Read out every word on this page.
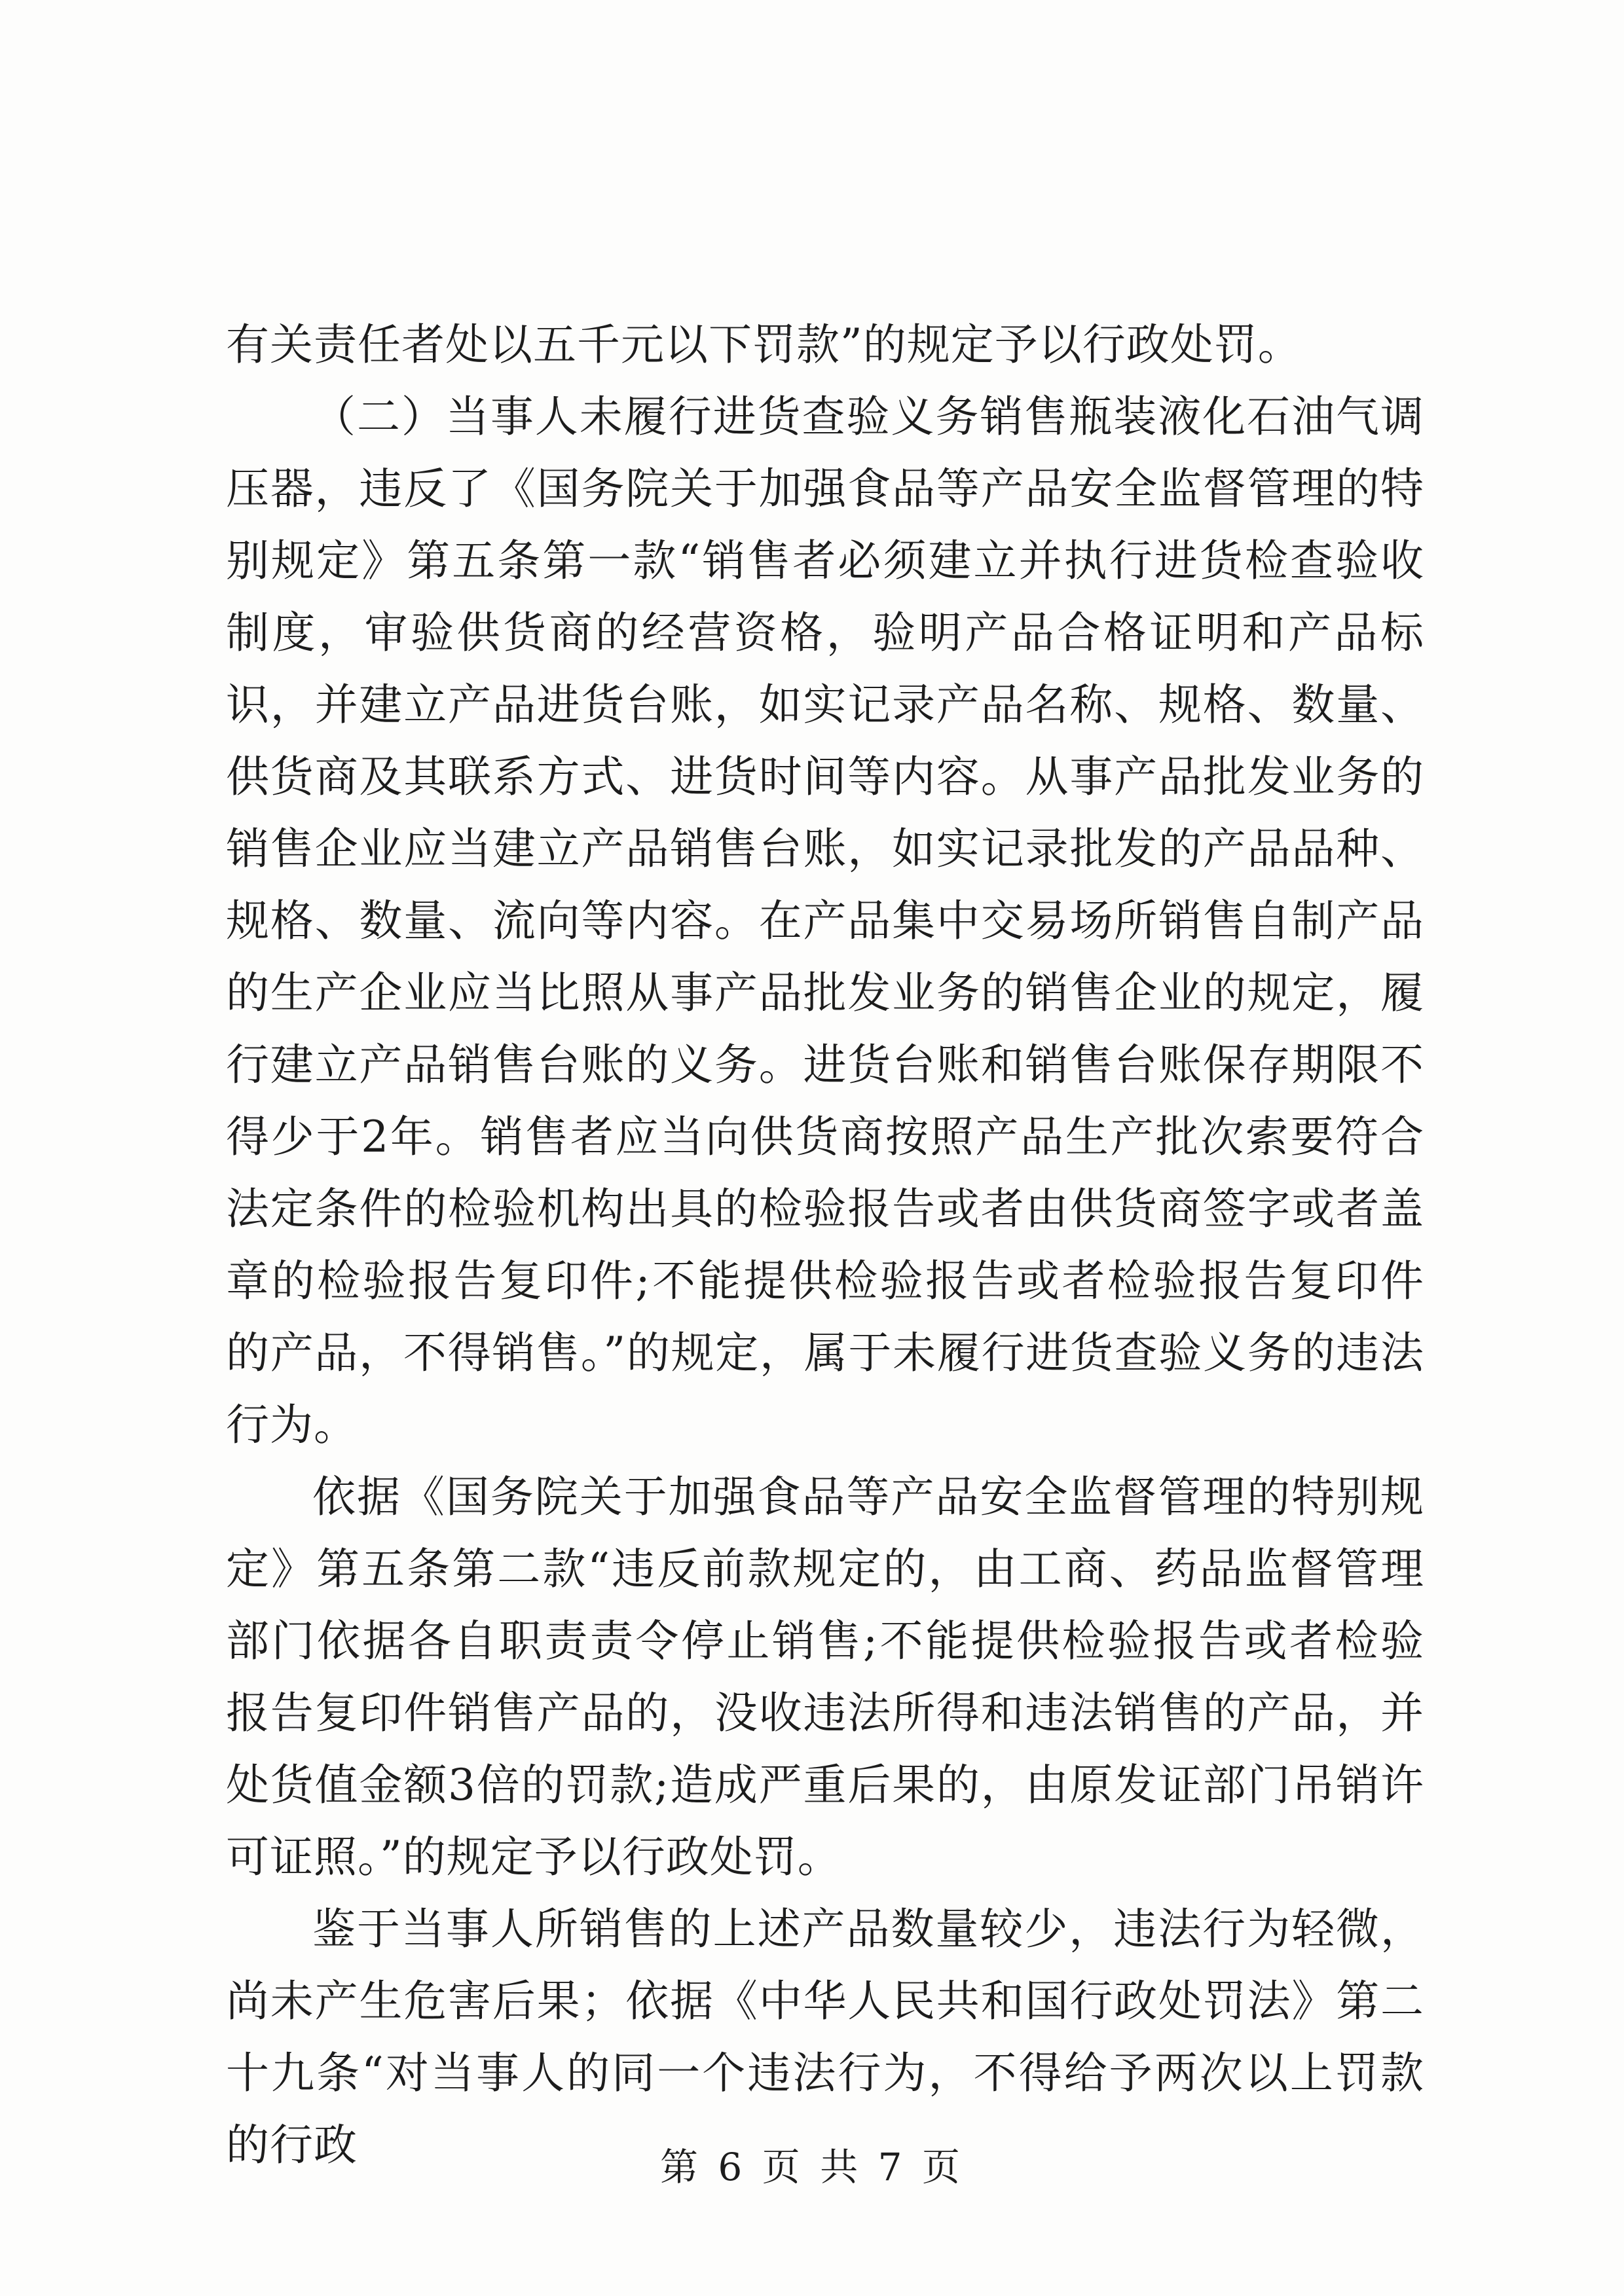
有关责任者处以五千元以下罚款”的规定予以行政处罚。

（二）当事人未履行进货查验义务销售瓶装液化石油气调压器，违反了《国务院关于加强食品等产品安全监督管理的特别规定》第五条第一款“销售者必须建立并执行进货检查验收制度，审验供货商的经营资格，验明产品合格证明和产品标识，并建立产品进货台账，如实记录产品名称、规格、数量、供货商及其联系方式、进货时间等内容。从事产品批发业务的销售企业应当建立产品销售台账，如实记录批发的产品品种、规格、数量、流向等内容。在产品集中交易场所销售自制产品的生产企业应当比照从事产品批发业务的销售企业的规定，履行建立产品销售台账的义务。进货台账和销售台账保存期限不得少于2年。销售者应当向供货商按照产品生产批次索要符合法定条件的检验机构出具的检验报告或者由供货商签字或者盖章的检验报告复印件;不能提供检验报告或者检验报告复印件的产品，不得销售。”的规定，属于未履行进货查验义务的违法行为。

依据《国务院关于加强食品等产品安全监督管理的特别规定》第五条第二款“违反前款规定的，由工商、药品监督管理部门依据各自职责责令停止销售;不能提供检验报告或者检验报告复印件销售产品的，没收违法所得和违法销售的产品，并处货值金额3倍的罚款;造成严重后果的，由原发证部门吊销许可证照。”的规定予以行政处罚。

鉴于当事人所销售的上述产品数量较少，违法行为轻微，尚未产生危害后果；依据《中华人民共和国行政处罚法》第二十九条“对当事人的同一个违法行为，不得给予两次以上罚款的行政	第 6 页 共 7 页
